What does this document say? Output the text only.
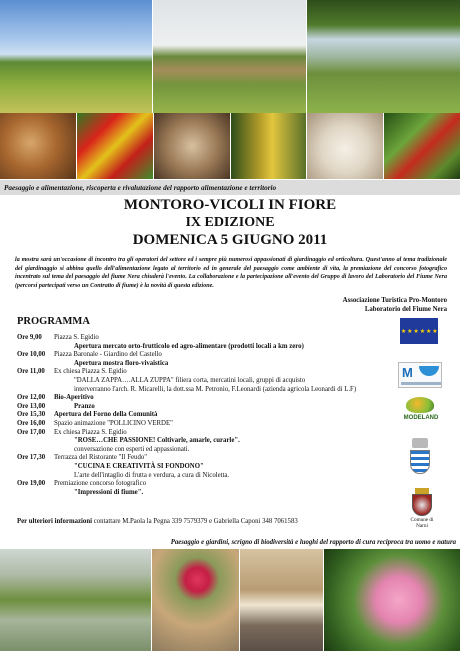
Paesaggio e alimentazione, riscoperta e rivalutazione del rapporto alimentazione e territorio
MONTORO-VICOLI IN FIORE
IX EDIZIONE
DOMENICA 5 GIUGNO 2011
la mostra sarà un'occasione di incontro tra gli operatori del settore ed i sempre più numerosi appassionati di giardinaggio ed orticoltura. Quest'anno al tema tradizionale del giardinaggio si abbina quello dell'alimentazione legato al territorio ed in generale del paesaggio come ambiente di vita, la premiazione del concorso fotografico incentrato sul tema del paesaggio del fiume Nera chiuderà l'evento. La collaborazione e la partecipazione all'evento del Gruppo di lavoro del Laboratorio del Fiume Nera (percorsi partecipati verso un Contratto di fiume) è la novità di questa edizione.
Associazione Turistica Pro-Montoro
Laboratorio del Fiume Nera
PROGRAMMA
Ore 9,00	Piazza S. Egidio
Apertura mercato orto-frutticolo ed agro-alimentare (prodotti locali a km zero)
Ore 10,00	Piazza Baronale - Giardino del Castello
Apertura mostra floro-vivaistica
Ore 11,00	Ex chiesa Piazza S. Egidio
"DALLA ZAPPA….ALLA ZUPPA" filiera corta, mercatini locali, gruppi di acquisto
interverranno l'arch. R. Micarelli, la dott.ssa M. Petronio, F.Leonardi (azienda agricola Leonardi di L.F)
Ore 12,00	Bio-Aperitivo
Ore 13,00	Pranzo
Ore 15,30	Apertura del Forno della Comunità
Ore 16,00	Spazio animazione "POLLICINO VERDE"
Ore 17,00	Ex chiesa Piazza S. Egidio
"ROSE…CHE PASSIONE! Coltivarle, amarle, curarle".
conversazione con esperti ed appassionati.
Ore 17,30	Terrazza del Ristorante "Il Feudo"
"CUCINA E CREATIVITÀ SI FONDONO"
L'arte dell'intaglio di frutta e verdura, a cura di Nicoletta.
Ore 19,00	Premiazione concorso fotografico
"Impressioni di fiume".
Per ulteriori informazioni contattare M.Paola la Pegna 339 7579379 e Gabriella Caponi 348 7061583
★ ★ ★ ★ ★ ★
M
MODELAND
Comune di Narni
Paesaggio e giardini, scrigno di biodiversità e luoghi del rapporto di cura reciproca tra uomo e natura
